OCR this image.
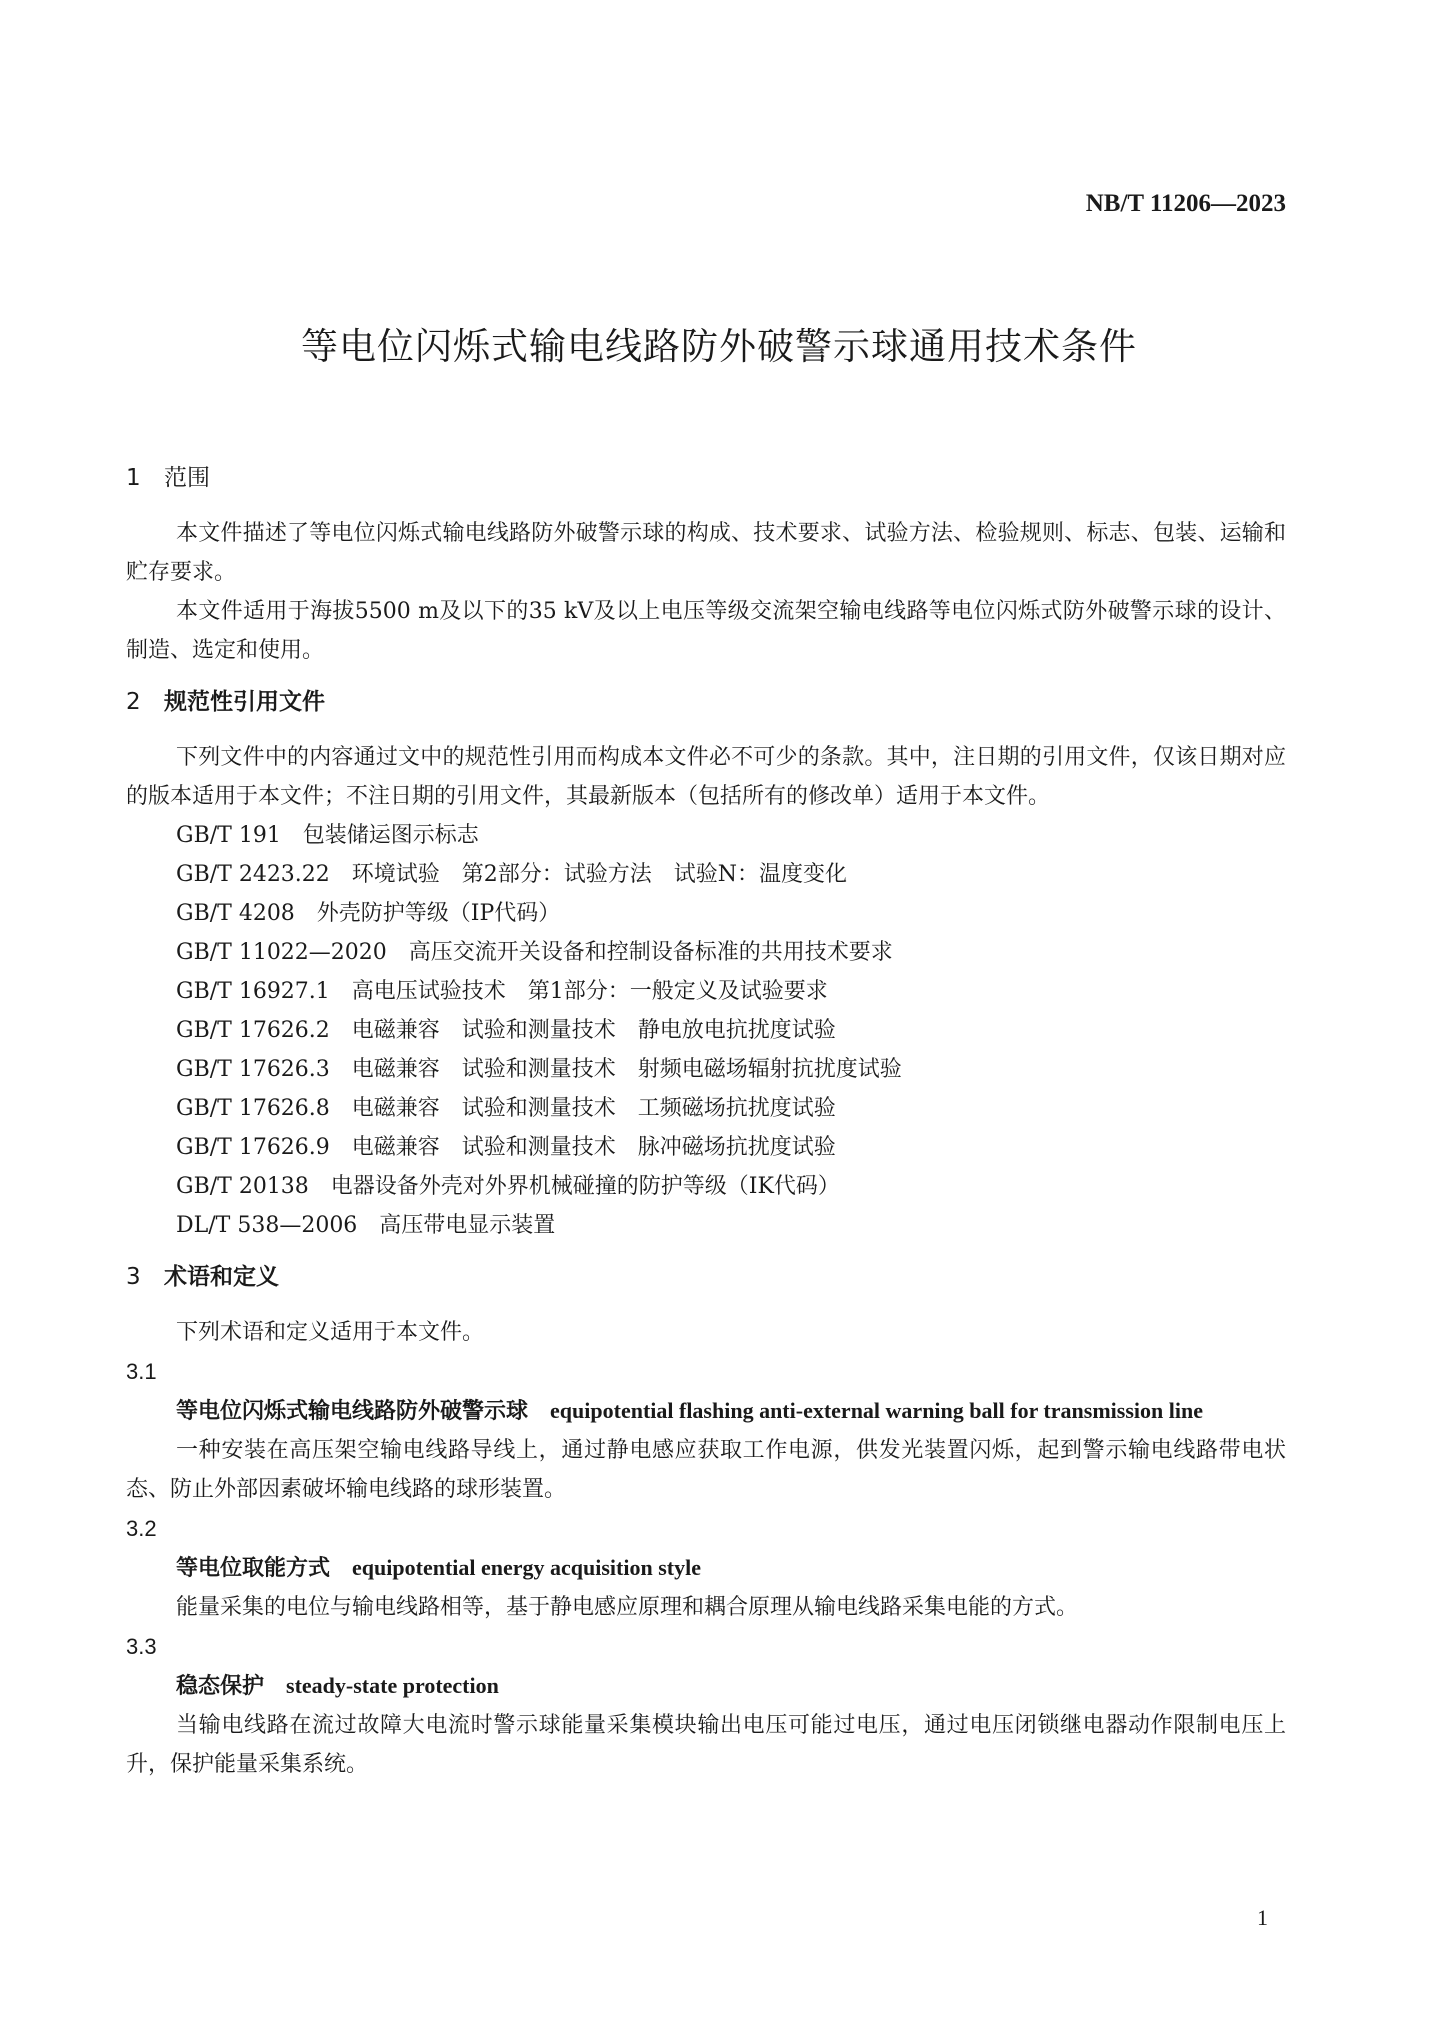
NB/T 11206—2023
等电位闪烁式输电线路防外破警示球通用技术条件
1 范围

本文件描述了等电位闪烁式输电线路防外破警示球的构成、技术要求、试验方法、检验规则、标志、包装、运输和贮存要求。

本文件适用于海拔5500 m及以下的35 kV及以上电压等级交流架空输电线路等电位闪烁式防外破警示球的设计、制造、选定和使用。

2 规范性引用文件

下列文件中的内容通过文中的规范性引用而构成本文件必不可少的条款。其中，注日期的引用文件，仅该日期对应的版本适用于本文件；不注日期的引用文件，其最新版本（包括所有的修改单）适用于本文件。

GB/T 191　包装储运图示标志

GB/T 2423.22　环境试验　第2部分：试验方法　试验N：温度变化

GB/T 4208　外壳防护等级（IP代码）

GB/T 11022—2020　高压交流开关设备和控制设备标准的共用技术要求

GB/T 16927.1　高电压试验技术　第1部分：一般定义及试验要求

GB/T 17626.2　电磁兼容　试验和测量技术　静电放电抗扰度试验

GB/T 17626.3　电磁兼容　试验和测量技术　射频电磁场辐射抗扰度试验

GB/T 17626.8　电磁兼容　试验和测量技术　工频磁场抗扰度试验

GB/T 17626.9　电磁兼容　试验和测量技术　脉冲磁场抗扰度试验

GB/T 20138　电器设备外壳对外界机械碰撞的防护等级（IK代码）

DL/T 538—2006　高压带电显示装置

3 术语和定义

下列术语和定义适用于本文件。

3.1

等电位闪烁式输电线路防外破警示球　 equipotential flashing anti-external warning ball for transmission line

一种安装在高压架空输电线路导线上，通过静电感应获取工作电源，供发光装置闪烁，起到警示输电线路带电状态、防止外部因素破坏输电线路的球形装置。

3.2

等电位取能方式　 equipotential energy acquisition style

能量采集的电位与输电线路相等，基于静电感应原理和耦合原理从输电线路采集电能的方式。

3.3

稳态保护　 steady-state protection

当输电线路在流过故障大电流时警示球能量采集模块输出电压可能过电压，通过电压闭锁继电器动作限制电压上升，保护能量采集系统。

1
